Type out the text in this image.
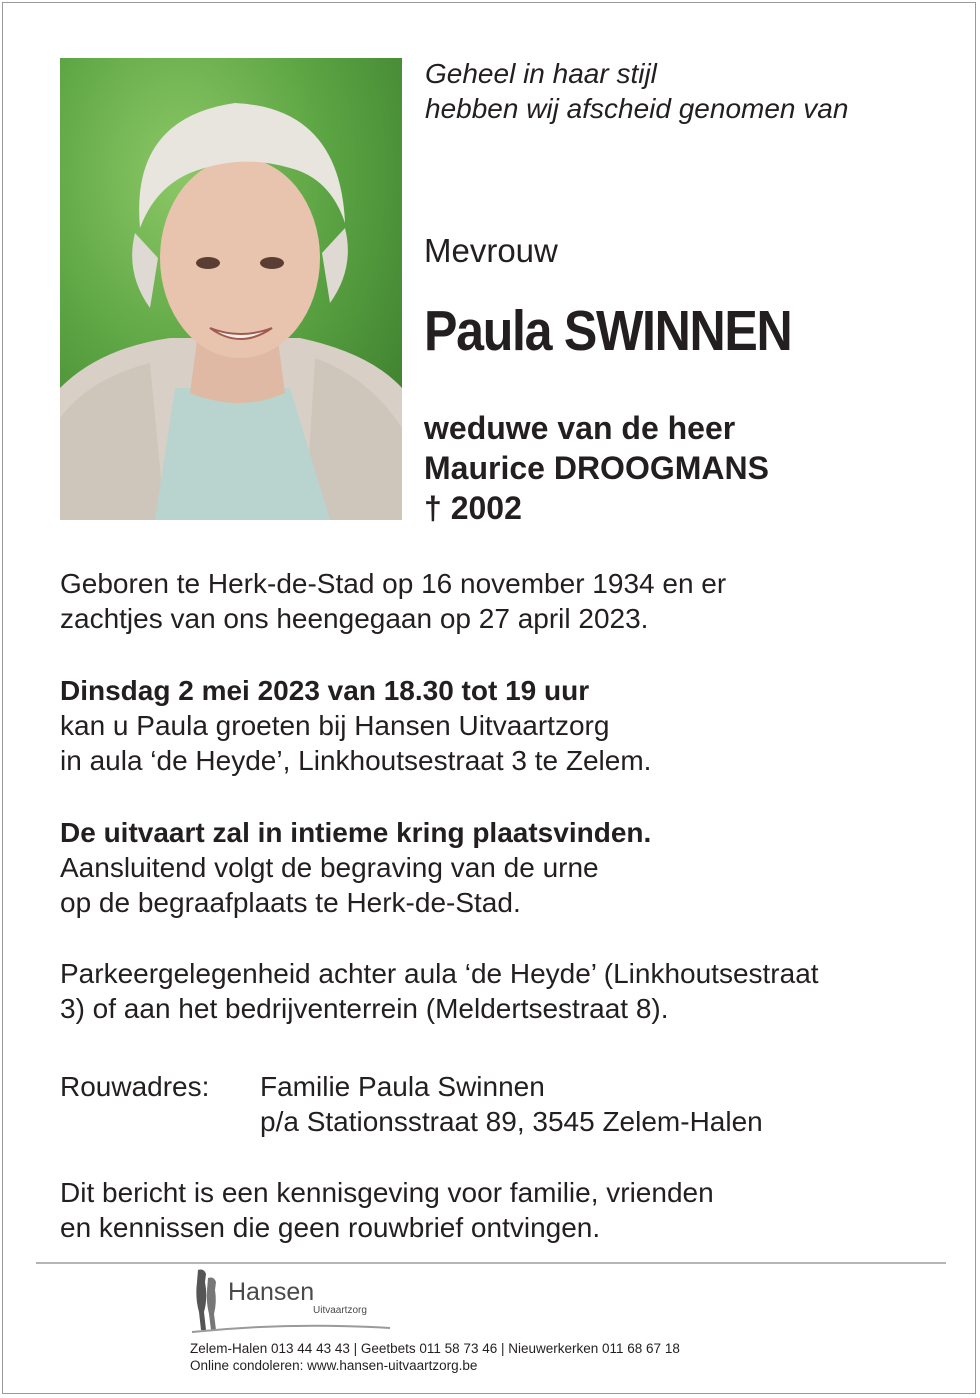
Geheel in haar stijl
hebben wij afscheid genomen van
Mevrouw
Paula SWINNEN
weduwe van de heer
Maurice DROOGMANS
† 2002
Geboren te Herk-de-Stad op 16 november 1934 en er
zachtjes van ons heengegaan op 27 april 2023.
Dinsdag 2 mei 2023 van 18.30 tot 19 uur
kan u Paula groeten bij Hansen Uitvaartzorg
in aula ‘de Heyde’, Linkhoutsestraat 3 te Zelem.
De uitvaart zal in intieme kring plaatsvinden.
Aansluitend volgt de begraving van de urne
op de begraafplaats te Herk-de-Stad.
Parkeergelegenheid achter aula ‘de Heyde’ (Linkhoutsestraat
3) of aan het bedrijventerrein (Meldertsestraat 8).
Rouwadres: Familie Paula Swinnen
p/a Stationsstraat 89, 3545 Zelem-Halen
Dit bericht is een kennisgeving voor familie, vrienden
en kennissen die geen rouwbrief ontvingen.
Hansen
Uitvaartzorg
Zelem-Halen 013 44 43 43 | Geetbets 011 58 73 46 | Nieuwerkerken 011 68 67 18
Online condoleren: www.hansen-uitvaartzorg.be
